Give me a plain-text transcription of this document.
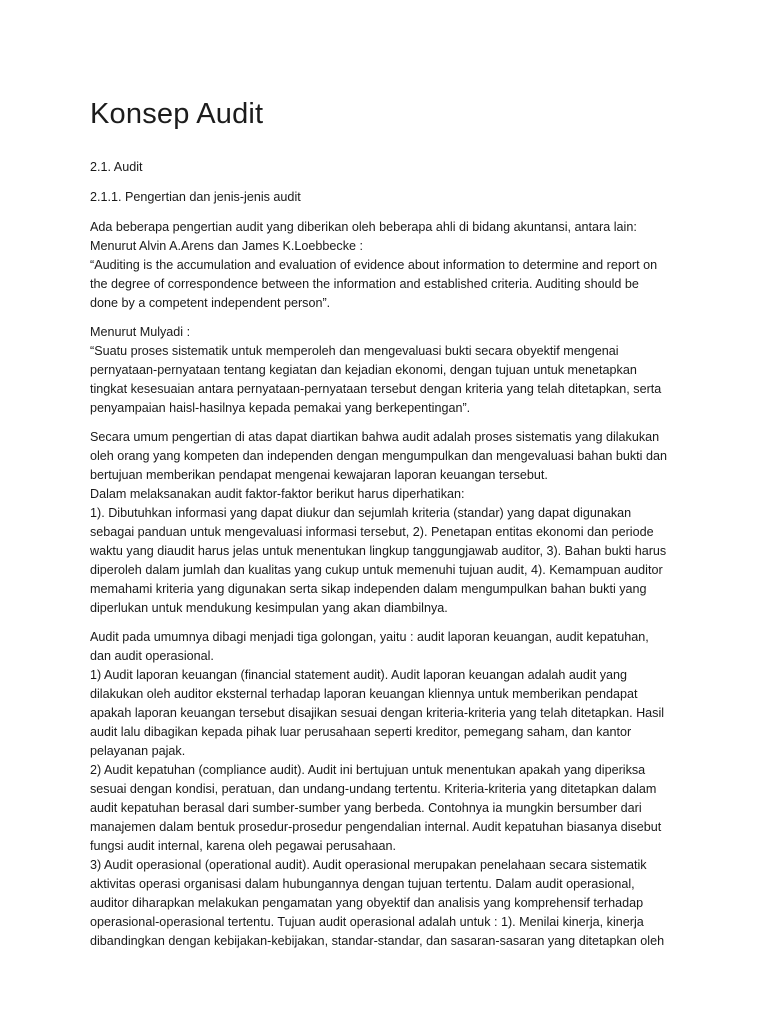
Konsep Audit

2.1. Audit

2.1.1. Pengertian dan jenis-jenis audit

Ada beberapa pengertian audit yang diberikan oleh beberapa ahli di bidang akuntansi, antara lain:
Menurut Alvin A.Arens dan James K.Loebbecke :
“Auditing is the accumulation and evaluation of evidence about information to determine and report on
the degree of correspondence between the information and established criteria. Auditing should be
done by a competent independent person”.

Menurut Mulyadi :
“Suatu proses sistematik untuk memperoleh dan mengevaluasi bukti secara obyektif mengenai
pernyataan-pernyataan tentang kegiatan dan kejadian ekonomi, dengan tujuan untuk menetapkan
tingkat kesesuaian antara pernyataan-pernyataan tersebut dengan kriteria yang telah ditetapkan, serta
penyampaian haisl-hasilnya kepada pemakai yang berkepentingan”.

Secara umum pengertian di atas dapat diartikan bahwa audit adalah proses sistematis yang dilakukan
oleh orang yang kompeten dan independen dengan mengumpulkan dan mengevaluasi bahan bukti dan
bertujuan memberikan pendapat mengenai kewajaran laporan keuangan tersebut.
Dalam melaksanakan audit faktor-faktor berikut harus diperhatikan:
1). Dibutuhkan informasi yang dapat diukur dan sejumlah kriteria (standar) yang dapat digunakan
sebagai panduan untuk mengevaluasi informasi tersebut, 2). Penetapan entitas ekonomi dan periode
waktu yang diaudit harus jelas untuk menentukan lingkup tanggungjawab auditor, 3). Bahan bukti harus
diperoleh dalam jumlah dan kualitas yang cukup untuk memenuhi tujuan audit, 4). Kemampuan auditor
memahami kriteria yang digunakan serta sikap independen dalam mengumpulkan bahan bukti yang
diperlukan untuk mendukung kesimpulan yang akan diambilnya.

Audit pada umumnya dibagi menjadi tiga golongan, yaitu : audit laporan keuangan, audit kepatuhan,
dan audit operasional.
1) Audit laporan keuangan (financial statement audit). Audit laporan keuangan adalah audit yang
dilakukan oleh auditor eksternal terhadap laporan keuangan kliennya untuk memberikan pendapat
apakah laporan keuangan tersebut disajikan sesuai dengan kriteria-kriteria yang telah ditetapkan. Hasil
audit lalu dibagikan kepada pihak luar perusahaan seperti kreditor, pemegang saham, dan kantor
pelayanan pajak.
2) Audit kepatuhan (compliance audit). Audit ini bertujuan untuk menentukan apakah yang diperiksa
sesuai dengan kondisi, peratuan, dan undang-undang tertentu. Kriteria-kriteria yang ditetapkan dalam
audit kepatuhan berasal dari sumber-sumber yang berbeda. Contohnya ia mungkin bersumber dari
manajemen dalam bentuk prosedur-prosedur pengendalian internal. Audit kepatuhan biasanya disebut
fungsi audit internal, karena oleh pegawai perusahaan.
3) Audit operasional (operational audit). Audit operasional merupakan penelahaan secara sistematik
aktivitas operasi organisasi dalam hubungannya dengan tujuan tertentu. Dalam audit operasional,
auditor diharapkan melakukan pengamatan yang obyektif dan analisis yang komprehensif terhadap
operasional-operasional tertentu. Tujuan audit operasional adalah untuk : 1). Menilai kinerja, kinerja
dibandingkan dengan kebijakan-kebijakan, standar-standar, dan sasaran-sasaran yang ditetapkan oleh
